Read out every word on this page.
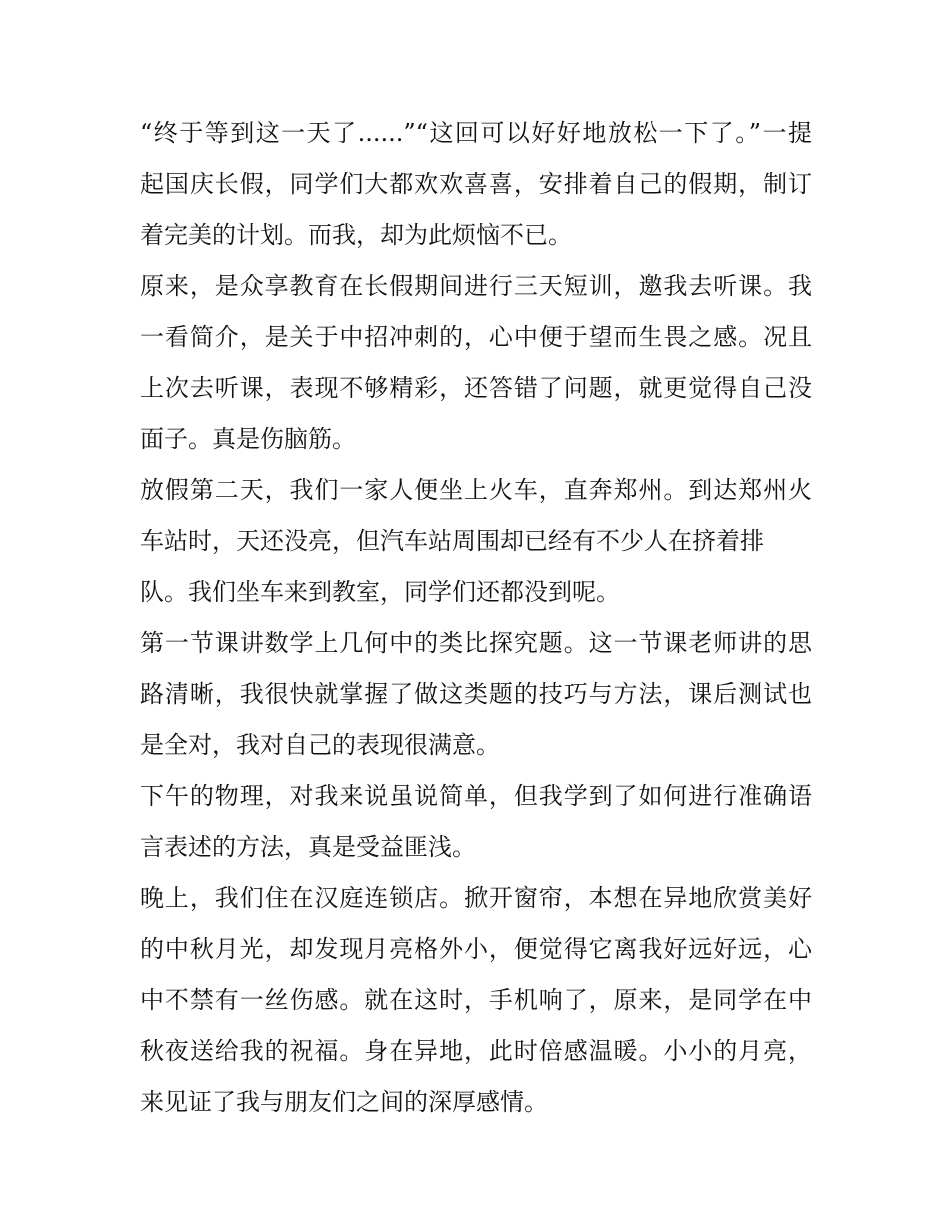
“终于等到这一天了......”“这回可以好好地放松一下了。”一提
起国庆长假，同学们大都欢欢喜喜，安排着自己的假期，制订
着完美的计划。而我，却为此烦恼不已。
原来，是众享教育在长假期间进行三天短训，邀我去听课。我
一看简介，是关于中招冲刺的，心中便于望而生畏之感。况且
上次去听课，表现不够精彩，还答错了问题，就更觉得自己没
面子。真是伤脑筋。
放假第二天，我们一家人便坐上火车，直奔郑州。到达郑州火
车站时，天还没亮，但汽车站周围却已经有不少人在挤着排
队。我们坐车来到教室，同学们还都没到呢。
第一节课讲数学上几何中的类比探究题。这一节课老师讲的思
路清晰，我很快就掌握了做这类题的技巧与方法，课后测试也
是全对，我对自己的表现很满意。
下午的物理，对我来说虽说简单，但我学到了如何进行准确语
言表述的方法，真是受益匪浅。
晚上，我们住在汉庭连锁店。掀开窗帘，本想在异地欣赏美好
的中秋月光，却发现月亮格外小，便觉得它离我好远好远，心
中不禁有一丝伤感。就在这时，手机响了，原来，是同学在中
秋夜送给我的祝福。身在异地，此时倍感温暖。小小的月亮，
来见证了我与朋友们之间的深厚感情。
